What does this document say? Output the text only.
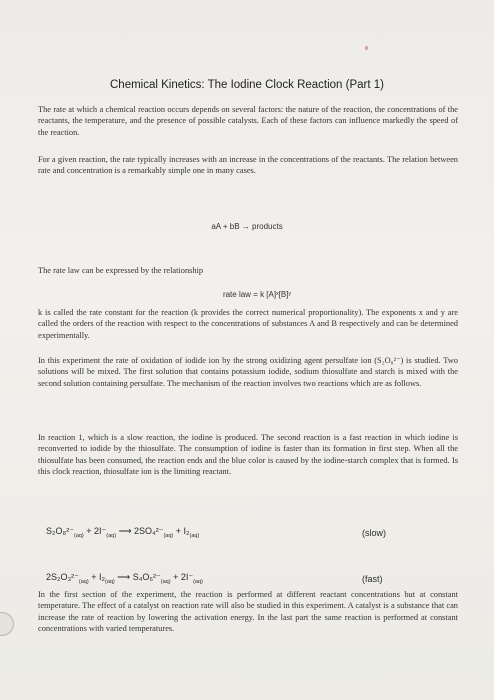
Chemical Kinetics: The Iodine Clock Reaction (Part 1)

The rate at which a chemical reaction occurs depends on several factors: the nature of the reaction, the concentrations of the reactants, the temperature, and the presence of possible catalysts. Each of these factors can influence markedly the speed of the reaction.

For a given reaction, the rate typically increases with an increase in the concentrations of the reactants. The relation between rate and concentration is a remarkably simple one in many cases.

aA + bB → products

The rate law can be expressed by the relationship

rate law = k [A]ˣ[B]ʸ

k is called the rate constant for the reaction (k provides the correct numerical proportionality). The exponents x and y are called the orders of the reaction with respect to the concentrations of substances A and B respectively and can be determined experimentally.

In this experiment the rate of oxidation of iodide ion by the strong oxidizing agent persulfate ion (S₂O₈²⁻) is studied. Two solutions will be mixed. The first solution that contains potassium iodide, sodium thiosulfate and starch is mixed with the second solution containing persulfate. The mechanism of the reaction involves two reactions which are as follows.

In reaction 1, which is a slow reaction, the iodine is produced. The second reaction is a fast reaction in which iodine is reconverted to iodide by the thiosulfate. The consumption of iodine is faster than its formation in first step. When all the thiosulfate has been consumed, the reaction ends and the blue color is caused by the iodine-starch complex that is formed. Is this clock reaction, thiosulfate ion is the limiting reactant.

$S_2O_8^{2-}_{(aq)} + 2I^-_{(aq)}$ ⟶ $2SO_4^{2-}_{(aq)} + I_2_{(aq)}$	(slow)
$2S_2O_3^{2-}_{(aq)} + I_2_{(aq)}$ ⟶ $S_4O_6^{2-}_{(aq)} + 2I^-_{(aq)}$	(fast)

In the first section of the experiment, the reaction is performed at different reactant concentrations but at constant temperature. The effect of a catalyst on reaction rate will also be studied in this experiment. A catalyst is a substance that can increase the rate of reaction by lowering the activation energy. In the last part the same reaction is performed at constant concentrations with varied temperatures.
